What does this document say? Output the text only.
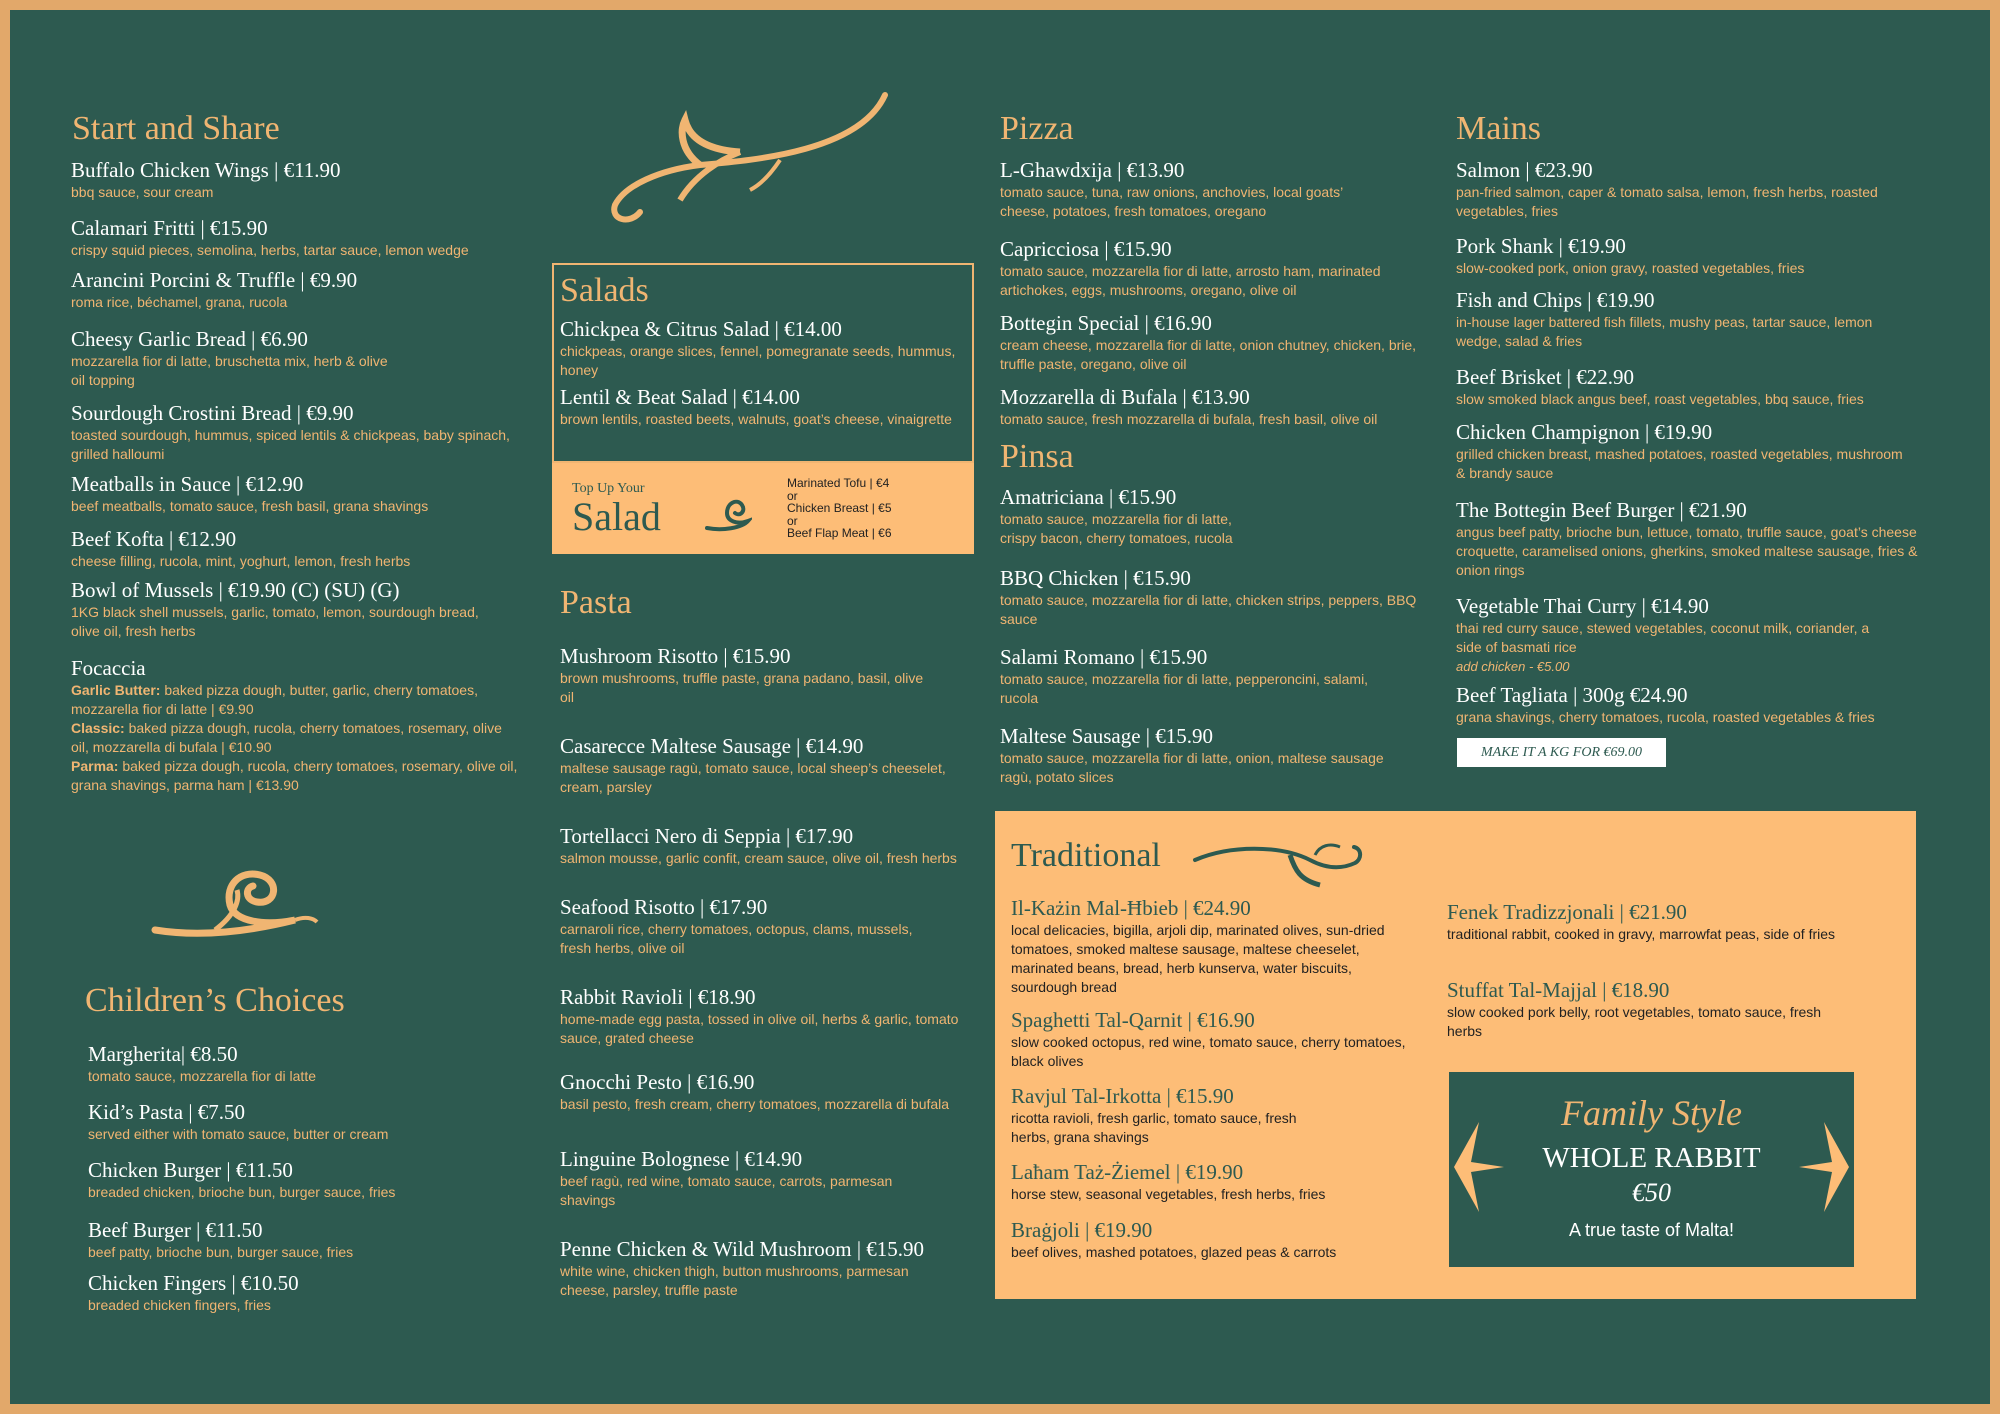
Start and Share
Buffalo Chicken Wings | €11.90
bbq sauce, sour cream
Calamari Fritti | €15.90
crispy squid pieces, semolina, herbs, tartar sauce, lemon wedge
Arancini Porcini & Truffle | €9.90
roma rice, béchamel, grana, rucola
Cheesy Garlic Bread | €6.90
mozzarella fior di latte, bruschetta mix, herb & olive oil topping
Sourdough Crostini Bread | €9.90
toasted sourdough, hummus, spiced lentils & chickpeas, baby spinach, grilled halloumi
Meatballs in Sauce | €12.90
beef meatballs, tomato sauce, fresh basil, grana shavings
Beef Kofta | €12.90
cheese filling, rucola, mint, yoghurt, lemon, fresh herbs
Bowl of Mussels | €19.90 (C) (SU) (G)
1KG black shell mussels, garlic, tomato, lemon, sourdough bread, olive oil, fresh herbs
Focaccia
Garlic Butter: baked pizza dough, butter, garlic, cherry tomatoes, mozzarella fior di latte | €9.90
Classic: baked pizza dough, rucola, cherry tomatoes, rosemary, olive oil, mozzarella di bufala | €10.90
Parma: baked pizza dough, rucola, cherry tomatoes, rosemary, olive oil, grana shavings, parma ham | €13.90
Children’s Choices
Margherita| €8.50
tomato sauce, mozzarella fior di latte
Kid’s Pasta | €7.50
served either with tomato sauce, butter or cream
Chicken Burger | €11.50
breaded chicken, brioche bun, burger sauce, fries
Beef Burger | €11.50
beef patty, brioche bun, burger sauce, fries
Chicken Fingers | €10.50
breaded chicken fingers, fries
Salads
Chickpea & Citrus Salad | €14.00
chickpeas, orange slices, fennel, pomegranate seeds, hummus, honey
Lentil & Beat Salad | €14.00
brown lentils, roasted beets, walnuts, goat’s cheese, vinaigrette
Top Up Your
Salad
Marinated Tofu | €4
or
Chicken Breast | €5
or
Beef Flap Meat | €6
Pasta
Mushroom Risotto | €15.90
brown mushrooms, truffle paste, grana padano, basil, olive oil
Casarecce Maltese Sausage | €14.90
maltese sausage ragù, tomato sauce, local sheep’s cheeselet, cream, parsley
Tortellacci Nero di Seppia | €17.90
salmon mousse, garlic confit, cream sauce, olive oil, fresh herbs
Seafood Risotto | €17.90
carnaroli rice, cherry tomatoes, octopus, clams, mussels, fresh herbs, olive oil
Rabbit Ravioli | €18.90
home-made egg pasta, tossed in olive oil, herbs & garlic, tomato sauce, grated cheese
Gnocchi Pesto | €16.90
basil pesto, fresh cream, cherry tomatoes, mozzarella di bufala
Linguine Bolognese | €14.90
beef ragù, red wine, tomato sauce, carrots, parmesan shavings
Penne Chicken & Wild Mushroom | €15.90
white wine, chicken thigh, button mushrooms, parmesan cheese, parsley, truffle paste
Pizza
L-Ghawdxija | €13.90
tomato sauce, tuna, raw onions, anchovies, local goats’ cheese, potatoes, fresh tomatoes, oregano
Capricciosa | €15.90
tomato sauce, mozzarella fior di latte, arrosto ham, marinated artichokes, eggs, mushrooms, oregano, olive oil
Bottegin Special | €16.90
cream cheese, mozzarella fior di latte, onion chutney, chicken, brie, truffle paste, oregano, olive oil
Mozzarella di Bufala | €13.90
tomato sauce, fresh mozzarella di bufala, fresh basil, olive oil
Pinsa
Amatriciana | €15.90
tomato sauce, mozzarella fior di latte, crispy bacon, cherry tomatoes, rucola
BBQ Chicken | €15.90
tomato sauce, mozzarella fior di latte, chicken strips, peppers, BBQ sauce
Salami Romano | €15.90
tomato sauce, mozzarella fior di latte, pepperoncini, salami, rucola
Maltese Sausage | €15.90
tomato sauce, mozzarella fior di latte, onion, maltese sausage ragù, potato slices
Mains
Salmon | €23.90
pan-fried salmon, caper & tomato salsa, lemon, fresh herbs, roasted vegetables, fries
Pork Shank | €19.90
slow-cooked pork, onion gravy, roasted vegetables, fries
Fish and Chips | €19.90
in-house lager battered fish fillets, mushy peas, tartar sauce, lemon wedge, salad & fries
Beef Brisket | €22.90
slow smoked black angus beef, roast vegetables, bbq sauce, fries
Chicken Champignon | €19.90
grilled chicken breast, mashed potatoes, roasted vegetables, mushroom & brandy sauce
The Bottegin Beef Burger | €21.90
angus beef patty, brioche bun, lettuce, tomato, truffle sauce, goat’s cheese croquette, caramelised onions, gherkins, smoked maltese sausage, fries & onion rings
Vegetable Thai Curry | €14.90
thai red curry sauce, stewed vegetables, coconut milk, coriander, a side of basmati rice
add chicken - €5.00
Beef Tagliata | 300g €24.90
grana shavings, cherry tomatoes, rucola, roasted vegetables & fries
MAKE IT A KG FOR €69.00
Traditional
Il-Każin Mal-Ħbieb | €24.90
local delicacies, bigilla, arjoli dip, marinated olives, sun-dried tomatoes, smoked maltese sausage, maltese cheeselet, marinated beans, bread, herb kunserva, water biscuits, sourdough bread
Spaghetti Tal-Qarnit | €16.90
slow cooked octopus, red wine, tomato sauce, cherry tomatoes, black olives
Ravjul Tal-Irkotta | €15.90
ricotta ravioli, fresh garlic, tomato sauce, fresh herbs, grana shavings
Laħam Taż-Żiemel | €19.90
horse stew, seasonal vegetables, fresh herbs, fries
Braġjoli | €19.90
beef olives, mashed potatoes, glazed peas & carrots
Fenek Tradizzjonali | €21.90
traditional rabbit, cooked in gravy, marrowfat peas, side of fries
Stuffat Tal-Majjal | €18.90
slow cooked pork belly, root vegetables, tomato sauce, fresh herbs
Family Style
WHOLE RABBIT
€50
A true taste of Malta!
